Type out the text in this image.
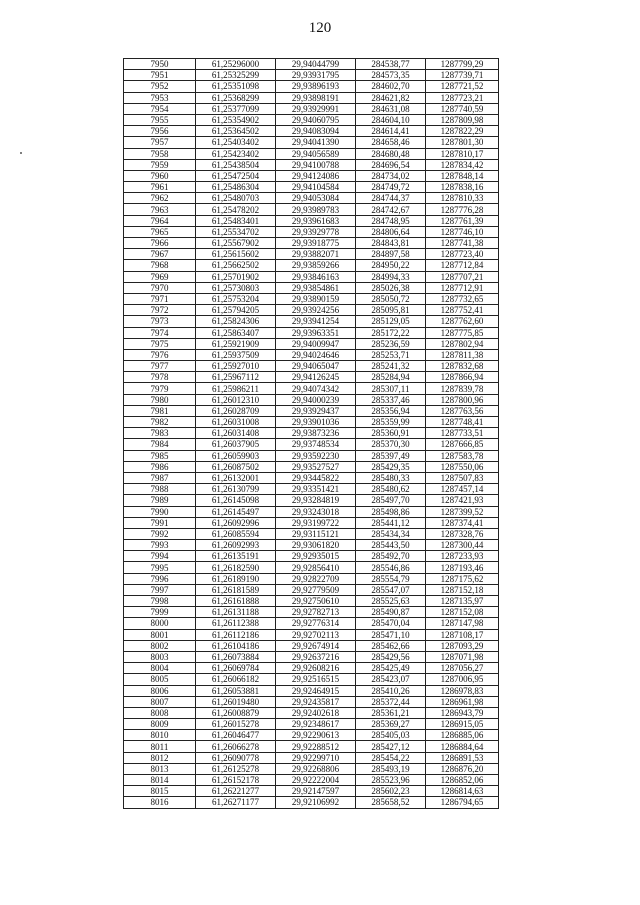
120
7950	61,25296000	29,94044799	284538,77	1287799,29
7951	61,25325299	29,93931795	284573,35	1287739,71
7952	61,25351098	29,93896193	284602,70	1287721,52
7953	61,25368299	29,93898191	284621,82	1287723,21
7954	61,25377099	29,93929991	284631,08	1287740,59
7955	61,25354902	29,94060795	284604,10	1287809,98
7956	61,25364502	29,94083094	284614,41	1287822,29
7957	61,25403402	29,94041390	284658,46	1287801,30
7958	61,25423402	29,94056589	284680,48	1287810,17
7959	61,25438504	29,94100788	284696,54	1287834,42
7960	61,25472504	29,94124086	284734,02	1287848,14
7961	61,25486304	29,94104584	284749,72	1287838,16
7962	61,25480703	29,94053084	284744,37	1287810,33
7963	61,25478202	29,93989783	284742,67	1287776,28
7964	61,25483401	29,93961683	284748,95	1287761,39
7965	61,25534702	29,93929778	284806,64	1287746,10
7966	61,25567902	29,93918775	284843,81	1287741,38
7967	61,25615602	29,93882071	284897,58	1287723,40
7968	61,25662502	29,93859266	284950,22	1287712,84
7969	61,25701902	29,93846163	284994,33	1287707,21
7970	61,25730803	29,93854861	285026,38	1287712,91
7971	61,25753204	29,93890159	285050,72	1287732,65
7972	61,25794205	29,93924256	285095,81	1287752,41
7973	61,25824306	29,93941254	285129,05	1287762,60
7974	61,25863407	29,93963351	285172,22	1287775,85
7975	61,25921909	29,94009947	285236,59	1287802,94
7976	61,25937509	29,94024646	285253,71	1287811,38
7977	61,25927010	29,94065047	285241,32	1287832,68
7978	61,25967112	29,94126245	285284,94	1287866,94
7979	61,25986211	29,94074342	285307,11	1287839,78
7980	61,26012310	29,94000239	285337,46	1287800,96
7981	61,26028709	29,93929437	285356,94	1287763,56
7982	61,26031008	29,93901036	285359,99	1287748,41
7983	61,26031408	29,93873236	285360,91	1287733,51
7984	61,26037905	29,93748534	285370,30	1287666,85
7985	61,26059903	29,93592230	285397,49	1287583,78
7986	61,26087502	29,93527527	285429,35	1287550,06
7987	61,26132001	29,93445822	285480,33	1287507,83
7988	61,26130799	29,93351421	285480,62	1287457,14
7989	61,26145098	29,93284819	285497,70	1287421,93
7990	61,26145497	29,93243018	285498,86	1287399,52
7991	61,26092996	29,93199722	285441,12	1287374,41
7992	61,26085594	29,93115121	285434,34	1287328,76
7993	61,26092993	29,93061820	285443,50	1287300,44
7994	61,26135191	29,92935015	285492,70	1287233,93
7995	61,26182590	29,92856410	285546,86	1287193,46
7996	61,26189190	29,92822709	285554,79	1287175,62
7997	61,26181589	29,92779509	285547,07	1287152,18
7998	61,26161888	29,92750610	285525,63	1287135,97
7999	61,26131188	29,92782713	285490,87	1287152,08
8000	61,26112388	29,92776314	285470,04	1287147,98
8001	61,26112186	29,92702113	285471,10	1287108,17
8002	61,26104186	29,92674914	285462,66	1287093,29
8003	61,26073884	29,92637216	285429,56	1287071,98
8004	61,26069784	29,92608216	285425,49	1287056,27
8005	61,26066182	29,92516515	285423,07	1287006,95
8006	61,26053881	29,92464915	285410,26	1286978,83
8007	61,26019480	29,92435817	285372,44	1286961,98
8008	61,26008879	29,92402618	285361,21	1286943,79
8009	61,26015278	29,92348617	285369,27	1286915,05
8010	61,26046477	29,92290613	285405,03	1286885,06
8011	61,26066278	29,92288512	285427,12	1286884,64
8012	61,26090778	29,92299710	285454,22	1286891,53
8013	61,26125278	29,92268806	285493,19	1286876,20
8014	61,26152178	29,92222004	285523,96	1286852,06
8015	61,26221277	29,92147597	285602,23	1286814,63
8016	61,26271177	29,92106992	285658,52	1286794,65
